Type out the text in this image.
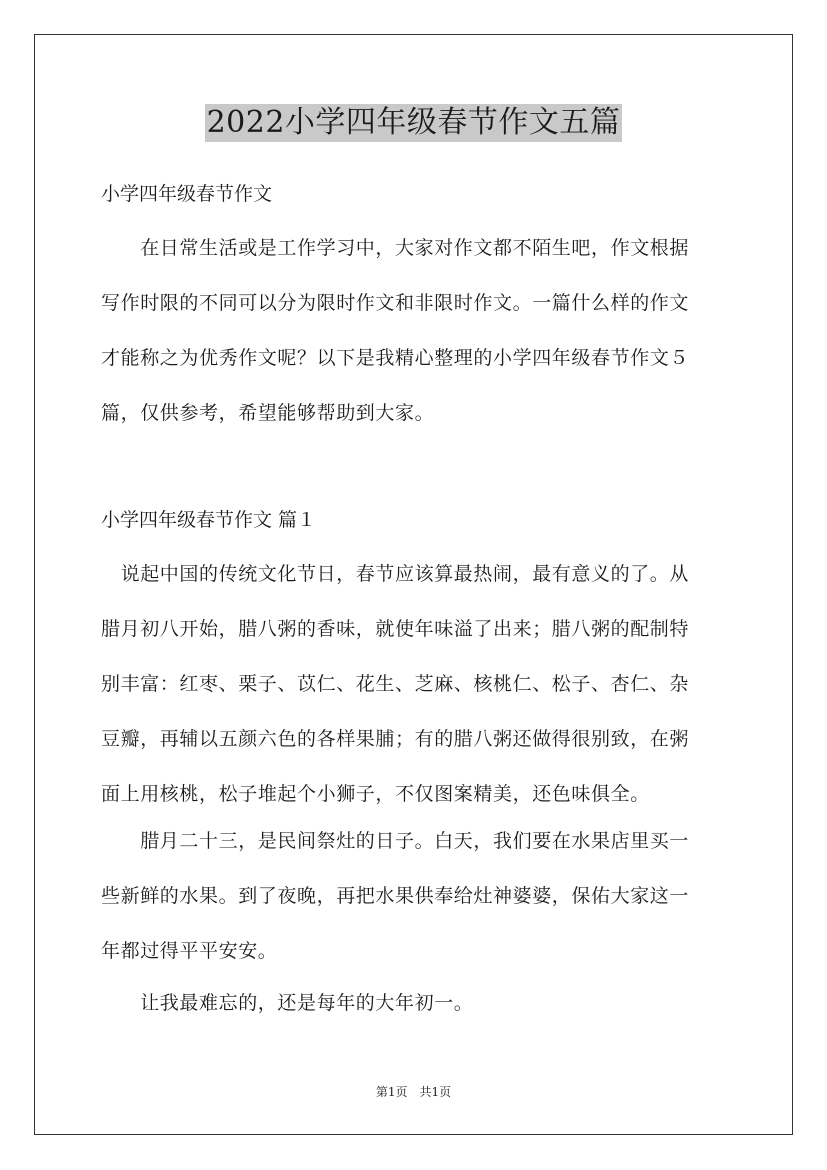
2022小学四年级春节作文五篇
小学四年级春节作文
　　在日常生活或是工作学习中，大家对作文都不陌生吧，作文根据
写作时限的不同可以分为限时作文和非限时作文。一篇什么样的作文
才能称之为优秀作文呢？以下是我精心整理的小学四年级春节作文５
篇，仅供参考，希望能够帮助到大家。
小学四年级春节作文 篇１
　说起中国的传统文化节日，春节应该算最热闹，最有意义的了。从
腊月初八开始，腊八粥的香味，就使年味溢了出来；腊八粥的配制特
别丰富：红枣、栗子、苡仁、花生、芝麻、核桃仁、松子、杏仁、杂
豆瓣，再辅以五颜六色的各样果脯；有的腊八粥还做得很别致，在粥
面上用核桃，松子堆起个小狮子，不仅图案精美，还色味俱全。
　　腊月二十三，是民间祭灶的日子。白天，我们要在水果店里买一
些新鲜的水果。到了夜晚，再把水果供奉给灶神婆婆，保佑大家这一
年都过得平平安安。
　　让我最难忘的，还是每年的大年初一。
第1页　共1页
